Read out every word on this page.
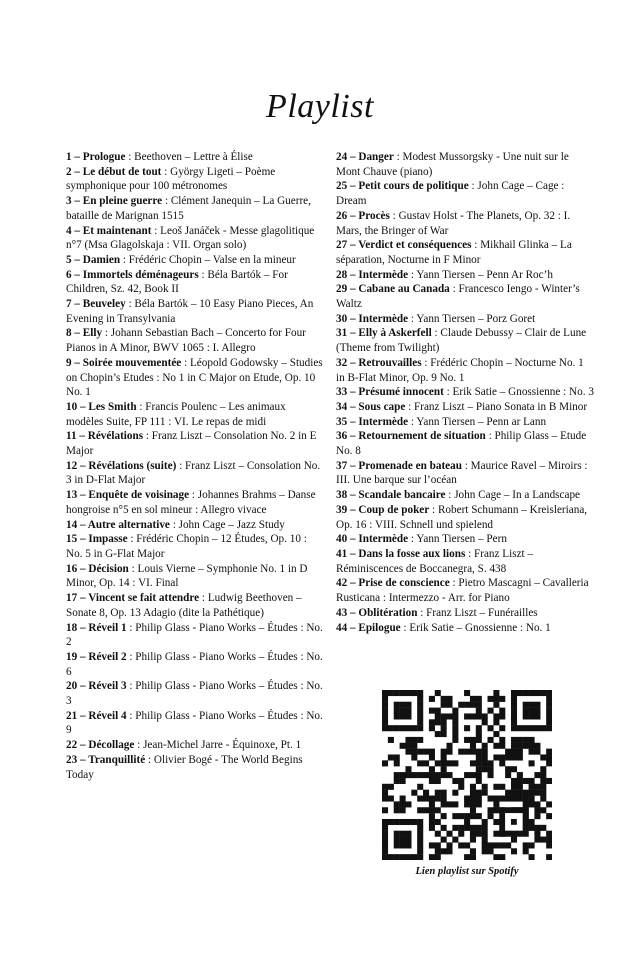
Playlist

1 – Prologue : Beethoven – Lettre à Élise

2 – Le début de tout : György Ligeti – Poème symphonique pour 100 métronomes

3 – En pleine guerre : Clément Janequin – La Guerre, bataille de Marignan 1515

4 – Et maintenant : Leoš Janáček - Messe glagolitique n°7 (Msa Glagolskaja : VII. Organ solo)

5 – Damien : Frédéric Chopin – Valse en la mineur

6 – Immortels déménageurs : Béla Bartók – For Children, Sz. 42, Book II

7 – Beuveley : Béla Bartók – 10 Easy Piano Pieces, An Evening in Transylvania

8 – Elly : Johann Sebastian Bach – Concerto for Four Pianos in A Minor, BWV 1065 : I. Allegro

9 – Soirée mouvementée : Léopold Godowsky – Studies on Chopin’s Etudes : No 1 in C Major on Etude, Op. 10 No. 1

10 – Les Smith : Francis Poulenc – Les animaux modèles Suite, FP 111 : VI. Le repas de midi

11 – Révélations : Franz Liszt – Consolation No. 2 in E Major

12 – Révélations (suite) : Franz Liszt – Consolation No. 3 in D-Flat Major

13 – Enquête de voisinage : Johannes Brahms – Danse hongroise n°5 en sol mineur : Allegro vivace

14 – Autre alternative : John Cage – Jazz Study

15 – Impasse : Frédéric Chopin – 12 Études, Op. 10 : No. 5 in G-Flat Major

16 – Décision : Louis Vierne – Symphonie No. 1 in D Minor, Op. 14 : VI. Final

17 – Vincent se fait attendre : Ludwig Beethoven – Sonate 8, Op. 13 Adagio (dite la Pathétique)

18 – Réveil 1 : Philip Glass - Piano Works – Études : No. 2

19 – Réveil 2 : Philip Glass - Piano Works – Études : No. 6

20 – Réveil 3 : Philip Glass - Piano Works – Études : No. 3

21 – Réveil 4 : Philip Glass - Piano Works – Études : No. 9

22 – Décollage : Jean-Michel Jarre - Équinoxe, Pt. 1

23 – Tranquillité : Olivier Bogé - The World Begins Today

24 – Danger : Modest Mussorgsky - Une nuit sur le Mont Chauve (piano)

25 – Petit cours de politique : John Cage – Cage : Dream

26 – Procès : Gustav Holst - The Planets, Op. 32 : I. Mars, the Bringer of War

27 – Verdict et conséquences : Mikhail Glinka – La séparation, Nocturne in F Minor

28 – Intermède : Yann Tiersen – Penn Ar Roc’h

29 – Cabane au Canada : Francesco Iengo - Winter’s Waltz

30 – Intermède : Yann Tiersen – Porz Goret

31 – Elly à Askerfell : Claude Debussy – Clair de Lune (Theme from Twilight)

32 – Retrouvailles : Frédéric Chopin – Nocturne No. 1 in B-Flat Minor, Op. 9 No. 1

33 – Présumé innocent : Erik Satie – Gnossienne : No. 3

34 – Sous cape : Franz Liszt – Piano Sonata in B Minor

35 – Intermède : Yann Tiersen – Penn ar Lann

36 – Retournement de situation : Philip Glass – Etude No. 8

37 – Promenade en bateau : Maurice Ravel – Miroirs : III. Une barque sur l’océan

38 – Scandale bancaire : John Cage – In a Landscape

39 – Coup de poker : Robert Schumann – Kreisleriana, Op. 16 : VIII. Schnell und spielend

40 – Intermède : Yann Tiersen – Pern

41 – Dans la fosse aux lions : Franz Liszt – Réminiscences de Boccanegra, S. 438

42 – Prise de conscience : Pietro Mascagni – Cavalleria Rusticana : Intermezzo - Arr. for Piano

43 – Oblitération : Franz Liszt – Funérailles

44 – Epilogue : Erik Satie – Gnossienne : No. 1

Lien playlist sur Spotify
